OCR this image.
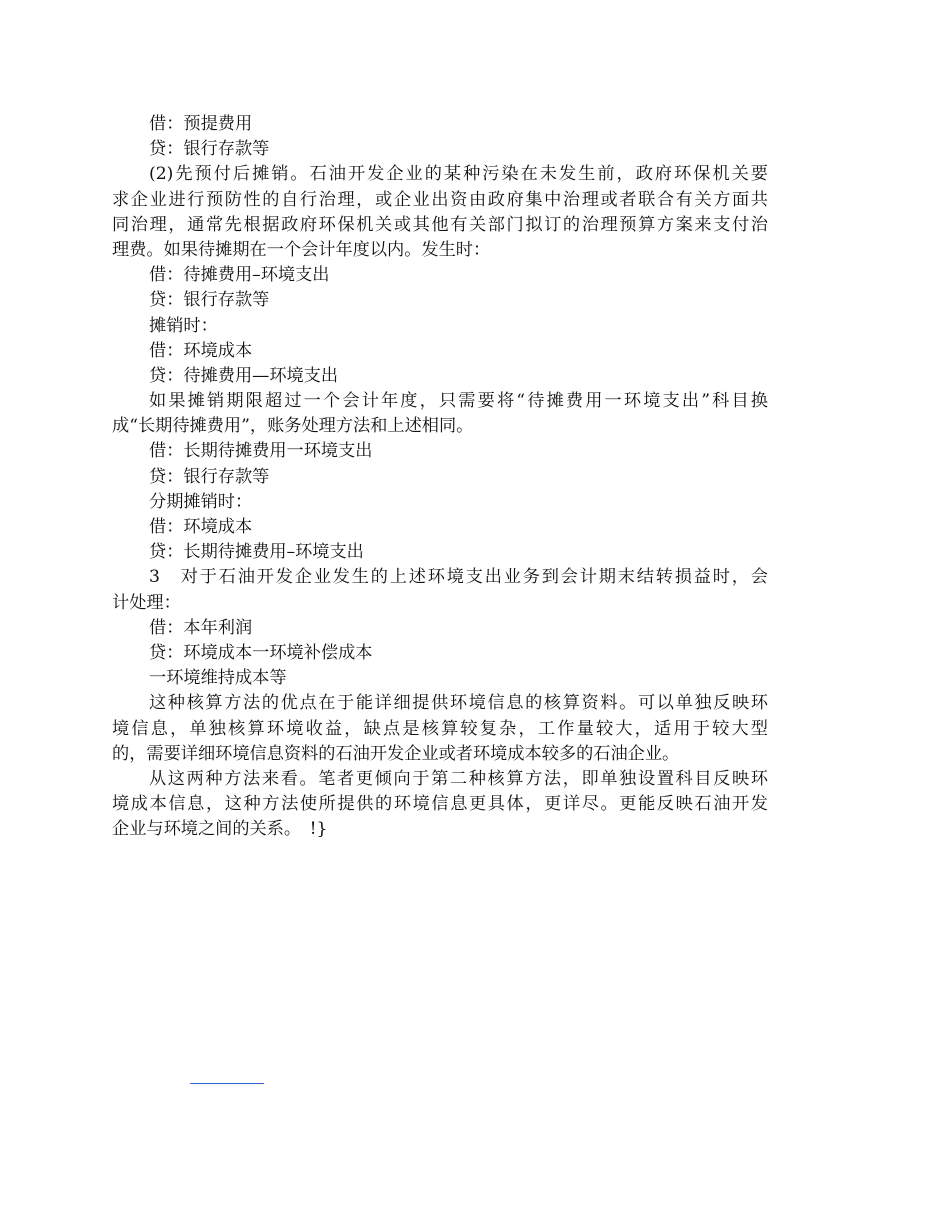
借：预提费用
贷：银行存款等
(2)先预付后摊销。石油开发企业的某种污染在未发生前，政府环保机关要
求企业进行预防性的自行治理，或企业出资由政府集中治理或者联合有关方面共
同治理，通常先根据政府环保机关或其他有关部门拟订的治理预算方案来支付治
理费。如果待摊期在一个会计年度以内。发生时：
借：待摊费用–环境支出
贷：银行存款等
摊销时：
借：环境成本
贷：待摊费用—环境支出
如果摊销期限超过一个会计年度，只需要将“待摊费用一环境支出”科目换
成“长期待摊费用”，账务处理方法和上述相同。
借：长期待摊费用一环境支出
贷：银行存款等
分期摊销时：
借：环境成本
贷：长期待摊费用–环境支出
3　对于石油开发企业发生的上述环境支出业务到会计期末结转损益时，会
计处理：
借：本年利润
贷：环境成本一环境补偿成本
一环境维持成本等
这种核算方法的优点在于能详细提供环境信息的核算资料。可以单独反映环
境信息，单独核算环境收益，缺点是核算较复杂，工作量较大，适用于较大型
的，需要详细环境信息资料的石油开发企业或者环境成本较多的石油企业。
从这两种方法来看。笔者更倾向于第二种核算方法，即单独设置科目反映环
境成本信息，这种方法使所提供的环境信息更具体，更详尽。更能反映石油开发
企业与环境之间的关系。　!}
